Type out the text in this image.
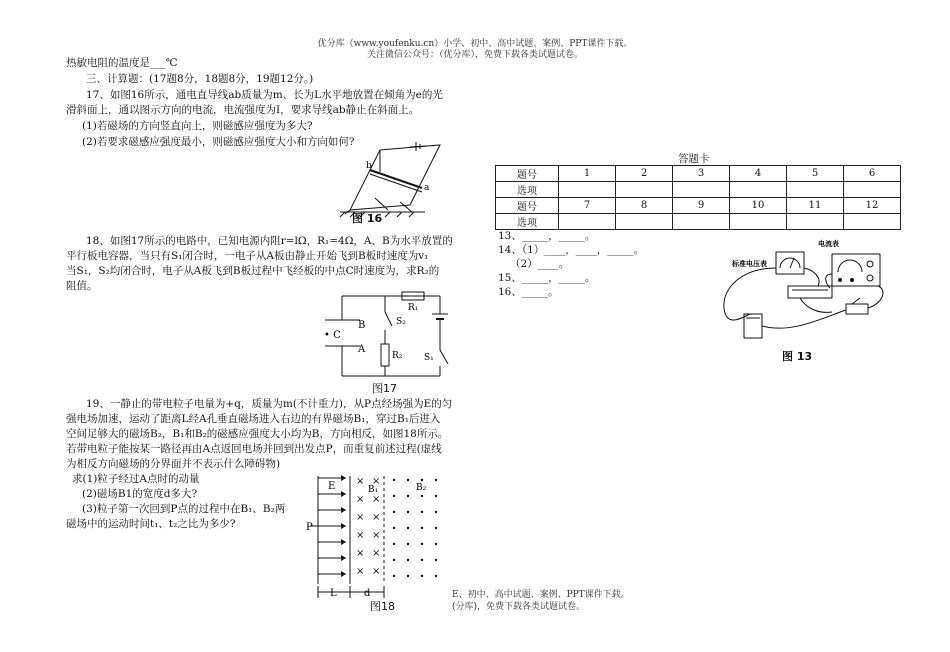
优分库（www.youfenku.cn）小学、初中、高中试题、案例、PPT课件下载。
关注微信公众号：（优分库），免费下载各类试题试卷。
热敏电阻的温度是___℃
三、计算题：(17题8分，18题8分，19题12分。)
17、如图16所示，通电直导线ab质量为m、长为L水平地放置在倾角为e的光
滑斜面上，通以图示方向的电流，电流强度为I，要求导线ab静止在斜面上。
(1)若磁场的方向竖直向上，则磁感应强度为多大?
(2)若要求磁感应强度最小，则磁感应强度大小和方向如何?
b
a
图 16
18、如图17所示的电路中，已知电源内阻r=lΩ，R₁=4Ω，A、B为水平放置的
平行板电容器，当只有S₁闭合时，一电子从A板由静止开始飞到B板时速度为v₁
当S₁，S₂均闭合时，电子从A板飞到B板过程中飞经板的中点C时速度为，求R₂的
阻值。
B
• C
A
R₁
S₂
R₂ S₁
图17
19、一静止的带电粒子电量为+q，质量为m(不计重力)，从P点经场强为E的匀
强电场加速，运动了距离L经A孔垂直磁场进入右边的有界磁场B₁，穿过B₁后进入
空间足够大的磁场B₂，B₁和B₂的磁感应强度大小均为B，方向相反，如图18所示。
若带电粒子能按某一路径再由A点返回电场并回到出发点P，而重复前述过程(虚线
为相反方向磁场的分界面并不表示什么障碍物)
求(1)粒子经过A点时的动量
(2)磁场B1的宽度d多大?
(3)粒子第一次回到P点的过程中在B₁、B₂两
磁场中的运动时间t₁、t₂之比为多少?
× ×
× ×
× ×
× ×
× ×
× ×
E	B₁	B₂
P
L	d
图18
E、初中、高中试题、案例、PPT课件下载。
(分库)，免费下载各类试题试卷。
答题卡
题号	1	2	3	4	5	6
选项						
题号	7	8	9	10	11	12
选项						
13、_____，_____。
14、（1）____，____，_____。
（2）____。
15、_____，_____。
16、_____。
标准电压表
电流表
图 13
